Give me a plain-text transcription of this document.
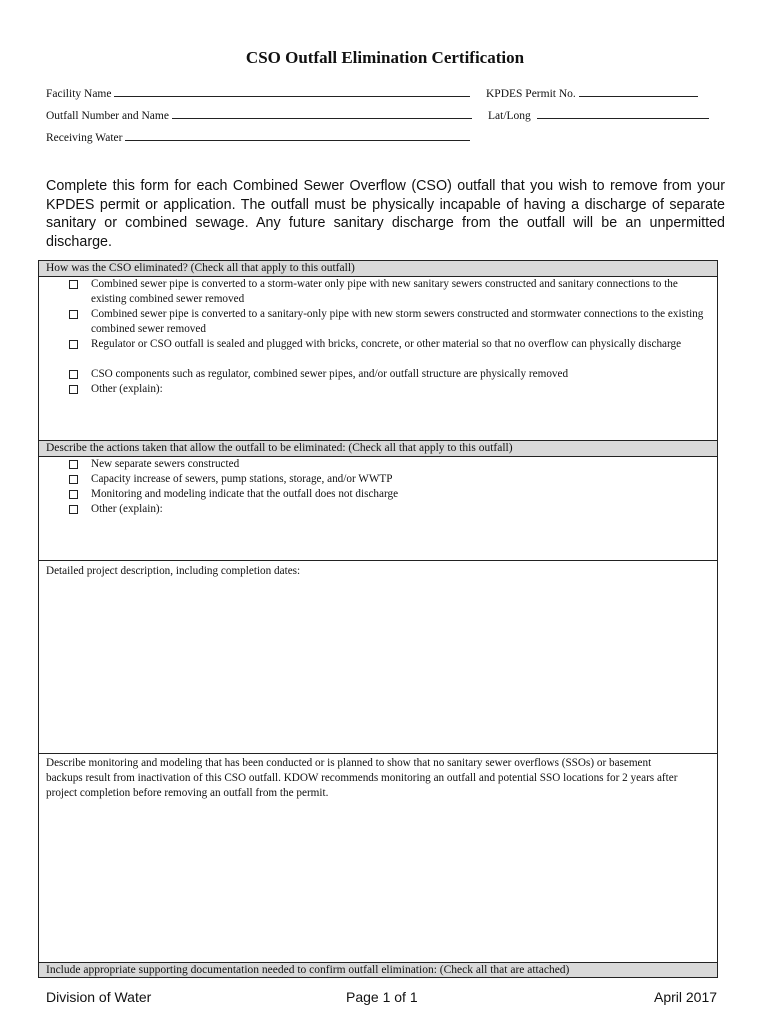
CSO Outfall Elimination Certification
Facility Name	KPDES Permit No.
Outfall Number and Name	Lat/Long
Receiving Water
Complete this form for each Combined Sewer Overflow (CSO) outfall that you wish to remove from your KPDES permit or application. The outfall must be physically incapable of having a discharge of separate sanitary or combined sewage. Any future sanitary discharge from the outfall will be an unpermitted discharge.
How was the CSO eliminated? (Check all that apply to this outfall)
Combined sewer pipe is converted to a storm-water only pipe with new sanitary sewers constructed and sanitary connections to the existing combined sewer removed
Combined sewer pipe is converted to a sanitary-only pipe with new storm sewers constructed and stormwater connections to the existing combined sewer removed
Regulator or CSO outfall is sealed and plugged with bricks, concrete, or other material so that no overflow can physically discharge
CSO components such as regulator, combined sewer pipes, and/or outfall structure are physically removed
Other (explain):
Describe the actions taken that allow the outfall to be eliminated: (Check all that apply to this outfall)
New separate sewers constructed
Capacity increase of sewers, pump stations, storage, and/or WWTP
Monitoring and modeling indicate that the outfall does not discharge
Other (explain):
Detailed project description, including completion dates:
Describe monitoring and modeling that has been conducted or is planned to show that no sanitary sewer overflows (SSOs) or basement backups result from inactivation of this CSO outfall. KDOW recommends monitoring an outfall and potential SSO locations for 2 years after project completion before removing an outfall from the permit.
Include appropriate supporting documentation needed to confirm outfall elimination: (Check all that are attached)
Division of Water	Page 1 of 1	April 2017
